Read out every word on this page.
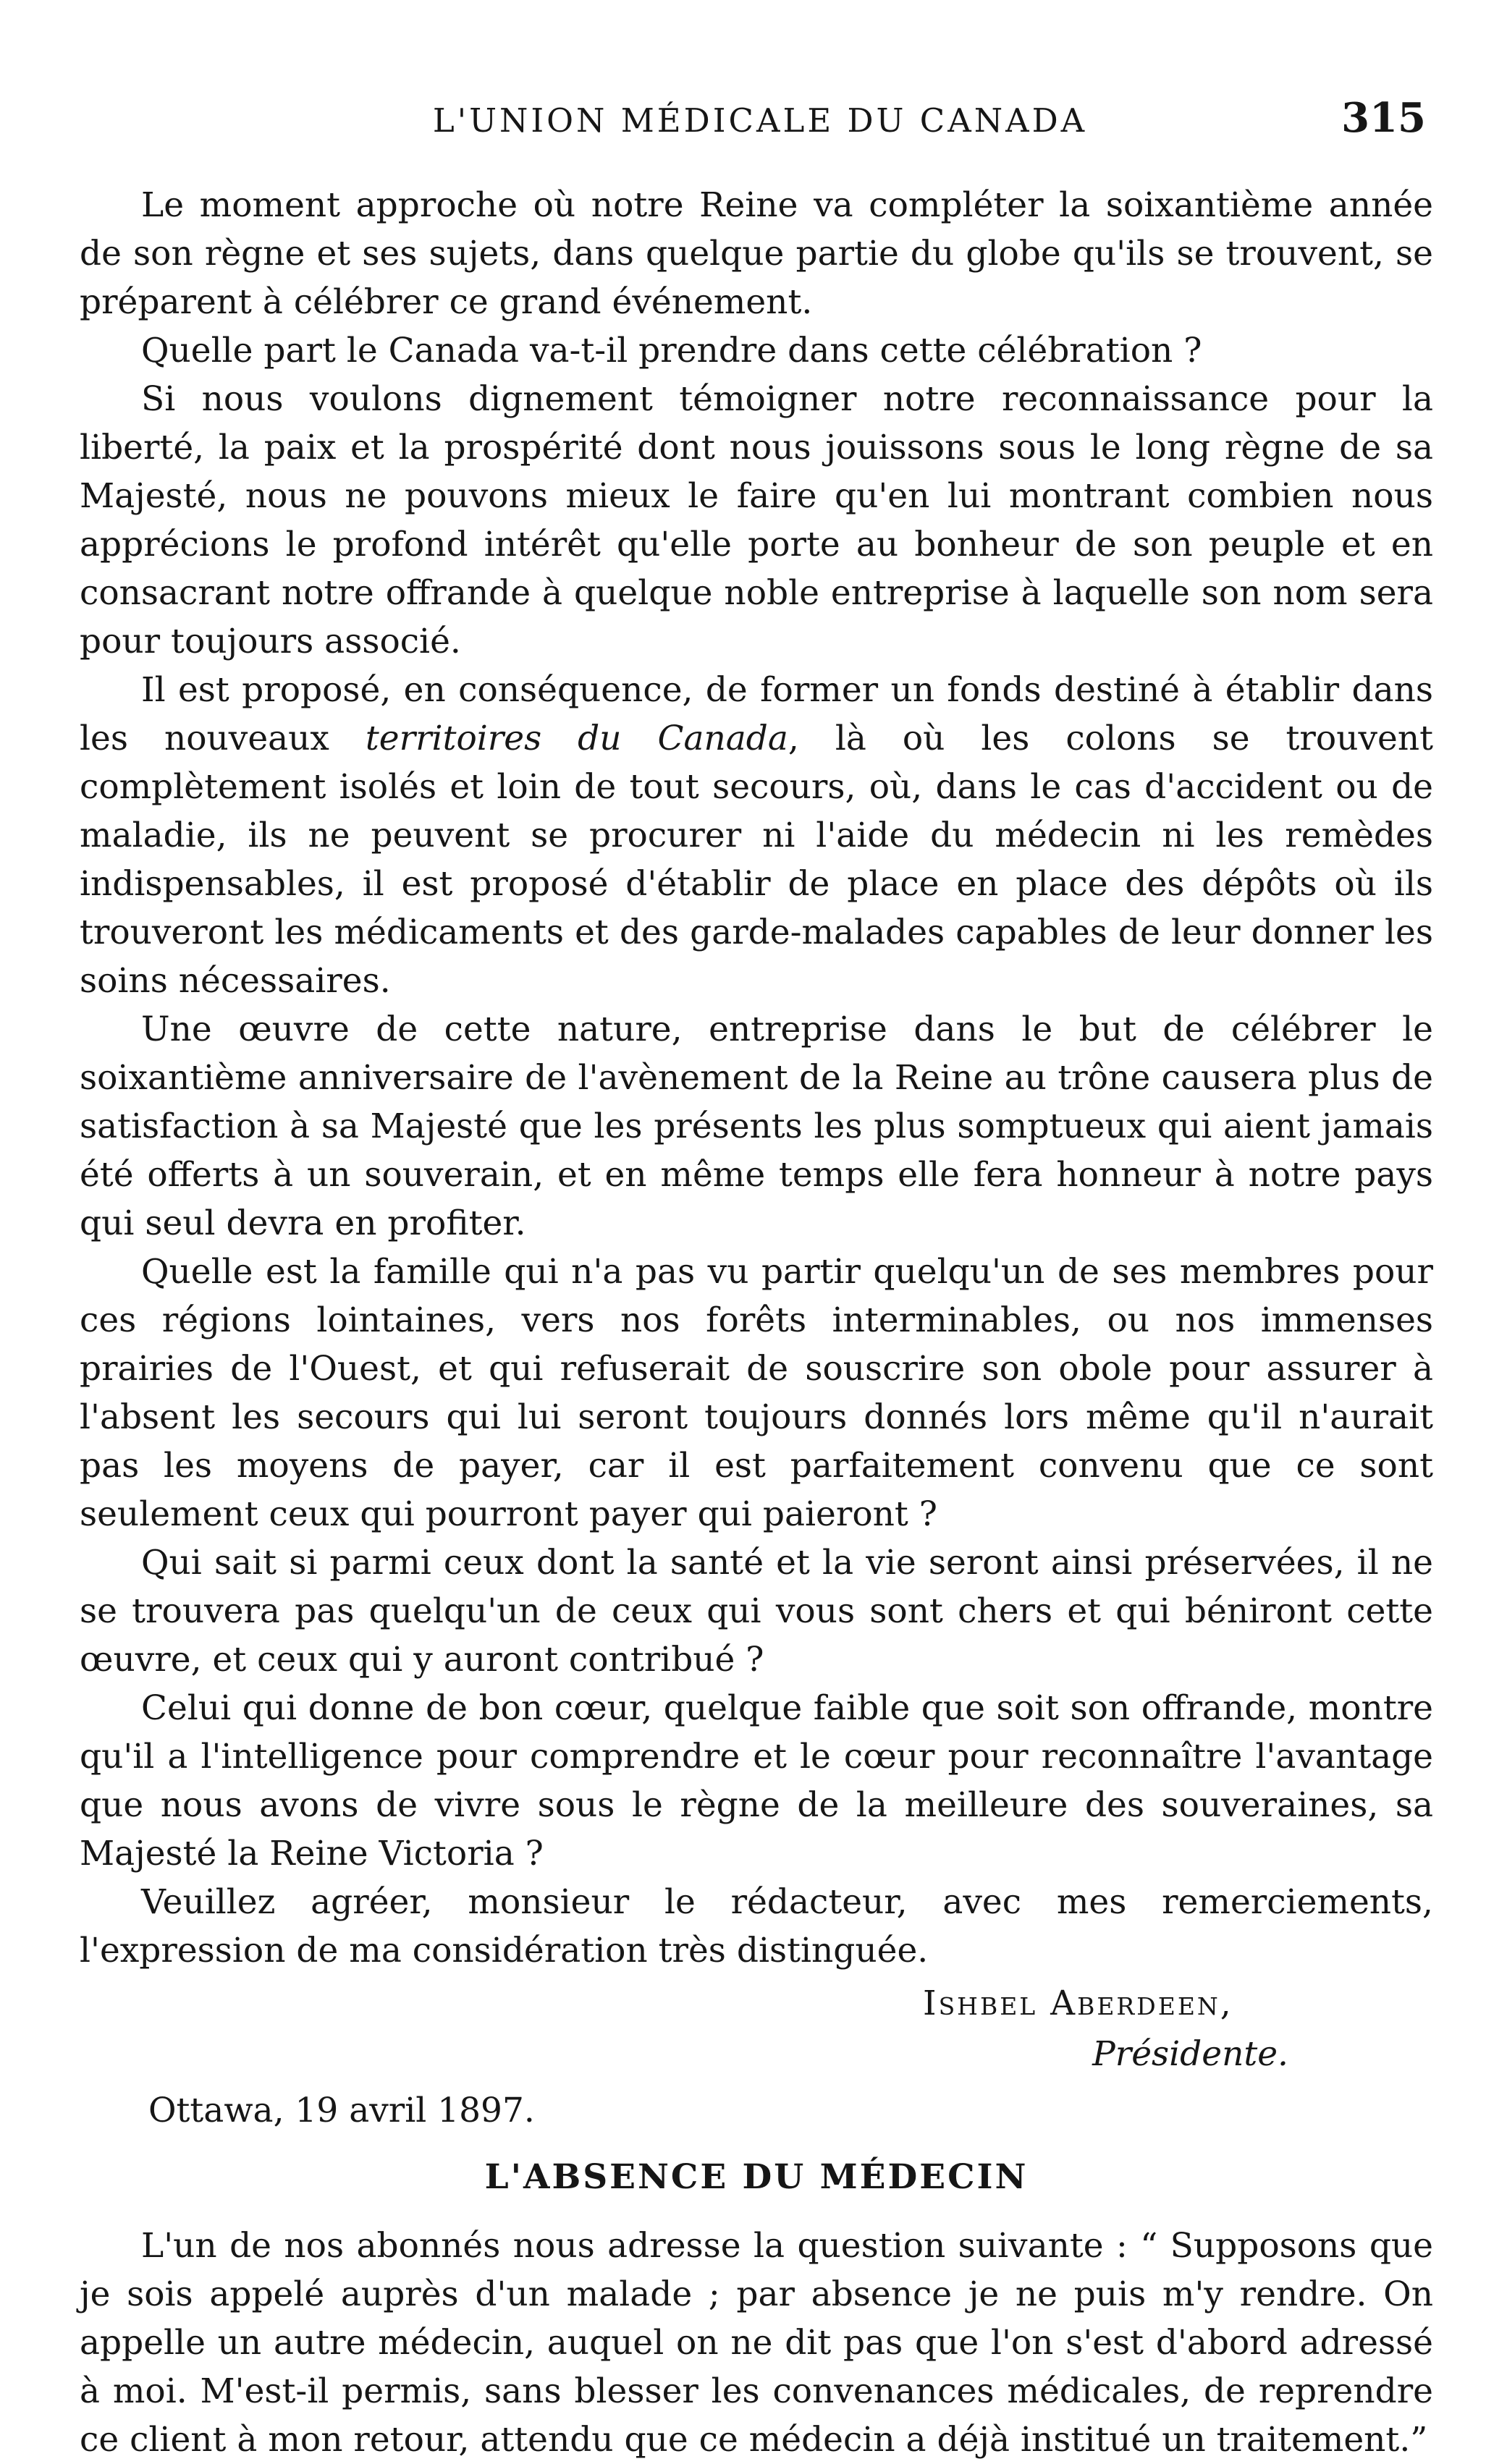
L'UNION MÉDICALE DU CANADA	315

Le moment approche où notre Reine va compléter la soixantième année de son règne et ses sujets, dans quelque partie du globe qu'ils se trouvent, se préparent à célébrer ce grand événement.

Quelle part le Canada va-t-il prendre dans cette célébration ?

Si nous voulons dignement témoigner notre reconnaissance pour la liberté, la paix et la prospérité dont nous jouissons sous le long règne de sa Majesté, nous ne pouvons mieux le faire qu'en lui montrant combien nous apprécions le profond intérêt qu'elle porte au bonheur de son peuple et en consacrant notre offrande à quelque noble entreprise à laquelle son nom sera pour toujours associé.

Il est proposé, en conséquence, de former un fonds destiné à établir dans les nouveaux territoires du Canada, là où les colons se trouvent complètement isolés et loin de tout secours, où, dans le cas d'accident ou de maladie, ils ne peuvent se procurer ni l'aide du médecin ni les remèdes indispensables, il est proposé d'établir de place en place des dépôts où ils trouveront les médicaments et des garde-malades capables de leur donner les soins nécessaires.

Une œuvre de cette nature, entreprise dans le but de célébrer le soixantième anniversaire de l'avènement de la Reine au trône causera plus de satisfaction à sa Majesté que les présents les plus somptueux qui aient jamais été offerts à un souverain, et en même temps elle fera honneur à notre pays qui seul devra en profiter.

Quelle est la famille qui n'a pas vu partir quelqu'un de ses membres pour ces régions lointaines, vers nos forêts interminables, ou nos immenses prairies de l'Ouest, et qui refuserait de souscrire son obole pour assurer à l'absent les secours qui lui seront toujours donnés lors même qu'il n'aurait pas les moyens de payer, car il est parfaitement convenu que ce sont seulement ceux qui pourront payer qui paieront ?

Qui sait si parmi ceux dont la santé et la vie seront ainsi préservées, il ne se trouvera pas quelqu'un de ceux qui vous sont chers et qui béniront cette œuvre, et ceux qui y auront contribué ?

Celui qui donne de bon cœur, quelque faible que soit son offrande, montre qu'il a l'intelligence pour comprendre et le cœur pour reconnaître l'avantage que nous avons de vivre sous le règne de la meilleure des souveraines, sa Majesté la Reine Victoria ?

Veuillez agréer, monsieur le rédacteur, avec mes remerciements, l'expression de ma considération très distinguée.

Ishbel Aberdeen,
Présidente.
Ottawa, 19 avril 1897.
L'ABSENCE DU MÉDECIN

L'un de nos abonnés nous adresse la question suivante : “ Supposons que je sois appelé auprès d'un malade ; par absence je ne puis m'y rendre. On appelle un autre médecin, auquel on ne dit pas que l'on s'est d'abord adressé à moi. M'est-il permis, sans blesser les convenances médicales, de reprendre ce client à mon retour, attendu que ce médecin a déjà institué un traitement.”
